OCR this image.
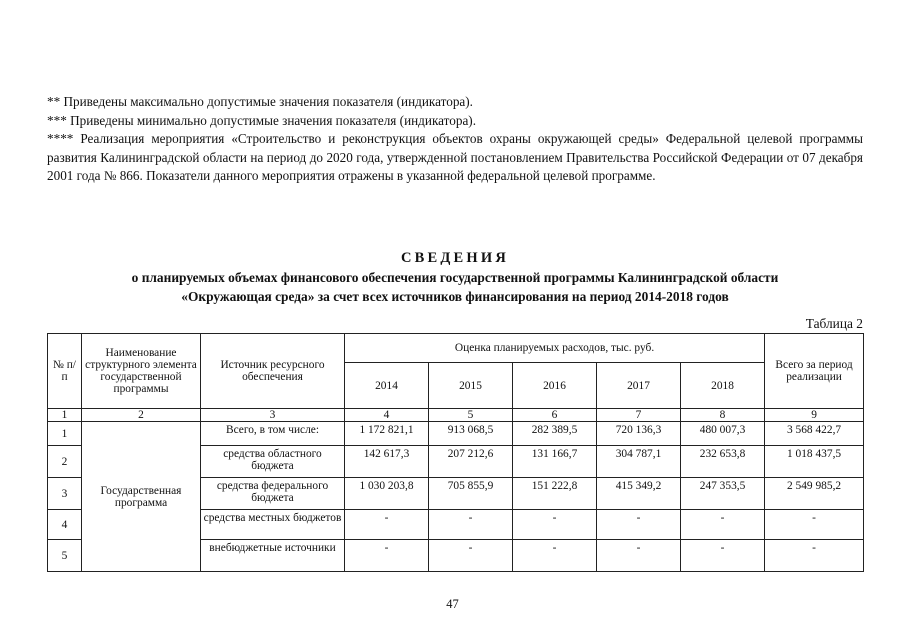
** Приведены максимально допустимые значения показателя (индикатора).

*** Приведены минимально допустимые значения показателя (индикатора).

**** Реализация мероприятия «Строительство и реконструкция объектов охраны окружающей среды» Федеральной целевой программы развития Калининградской области на период до 2020 года, утвержденной постановлением Правительства Российской Федерации от 07 декабря 2001 года № 866. Показатели данного мероприятия отражены в указанной федеральной целевой программе.

СВЕДЕНИЯ
о планируемых объемах финансового обеспечения государственной программы Калининградской области
«Окружающая среда» за счет всех источников финансирования на период 2014-2018 годов
Таблица 2
№ п/п	Наименование структурного элемента государственной программы	Источник ресурсного обеспечения	Оценка планируемых расходов, тыс. руб.					Всего за период реализации
			2014	2015	2016	2017	2018	
1	2	3	4	5	6	7	8	9
1	Государственная программа	Всего, в том числе:	1 172 821,1	913 068,5	282 389,5	720 136,3	480 007,3	3 568 422,7
2		средства областного бюджета	142 617,3	207 212,6	131 166,7	304 787,1	232 653,8	1 018 437,5
3		средства федерального бюджета	1 030 203,8	705 855,9	151 222,8	415 349,2	247 353,5	2 549 985,2
4		средства местных бюджетов	-	-	-	-	-	-
5		внебюджетные источники	-	-	-	-	-	-
47
